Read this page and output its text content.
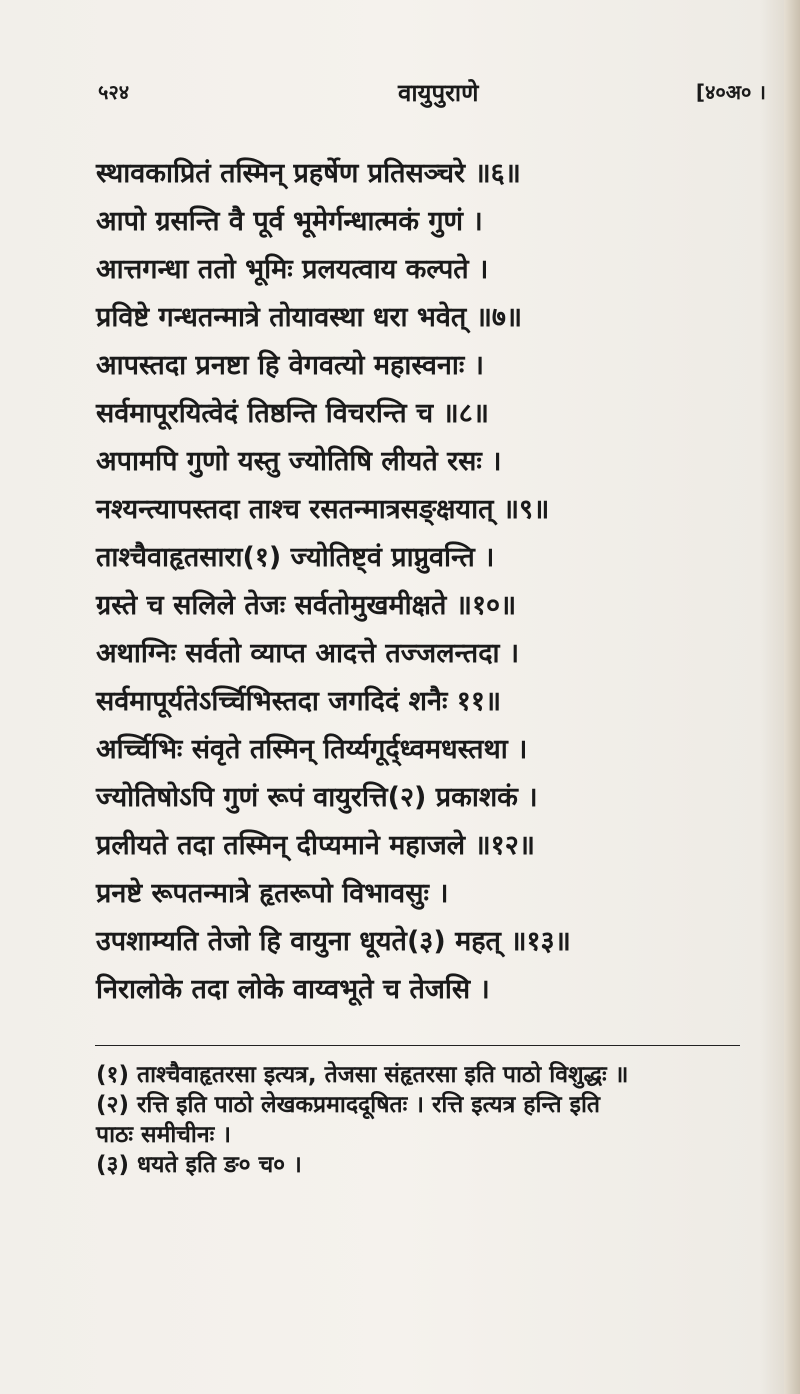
५२४	वायुपुराणे	[४०अ० ।
स्थावकाप्रितं तस्मिन् प्रहर्षेण प्रतिसञ्चरे ॥६॥
आपो ग्रसन्ति वै पूर्व भूमेर्गन्धात्मकं गुणं ।
आत्तगन्धा ततो भूमिः प्रलयत्वाय कल्पते ।
प्रविष्टे गन्धतन्मात्रे तोयावस्था धरा भवेत् ॥७॥
आपस्तदा प्रनष्टा हि वेगवत्यो महास्वनाः ।
सर्वमापूरयित्वेदं तिष्ठन्ति विचरन्ति च ॥८॥
अपामपि गुणो यस्तु ज्योतिषि लीयते रसः ।
नश्यन्त्यापस्तदा ताश्च रसतन्मात्रसङ्क्षयात् ॥९॥
ताश्चैवाहृतसारा(१) ज्योतिष्ट्वं प्राप्नुवन्ति ।
ग्रस्ते च सलिले तेजः सर्वतोमुखमीक्षते ॥१०॥
अथाग्निः सर्वतो व्याप्त आदत्ते तज्जलन्तदा ।
सर्वमापूर्यतेऽर्च्चिभिस्तदा जगदिदं शनैः ११॥
अर्च्चिभिः संवृते तस्मिन् तिर्य्यगूर्द्ध्वमधस्तथा ।
ज्योतिषोऽपि गुणं रूपं वायुरत्ति(२) प्रकाशकं ।
प्रलीयते तदा तस्मिन् दीप्यमाने महाजले ॥१२॥
प्रनष्टे रूपतन्मात्रे हृतरूपो विभावसुः ।
उपशाम्यति तेजो हि वायुना धूयते(३) महत् ॥१३॥
निरालोके तदा लोके वाय्वभूते च तेजसि ।
(१) ताश्चैवाहृतरसा इत्यत्र, तेजसा संहृतरसा इति पाठो विशुद्धः ॥
(२) रत्ति इति पाठो लेखकप्रमाददूषितः । रत्ति इत्यत्र हन्ति इति
पाठः समीचीनः ।
(३) धयते इति ङ० च० ।
